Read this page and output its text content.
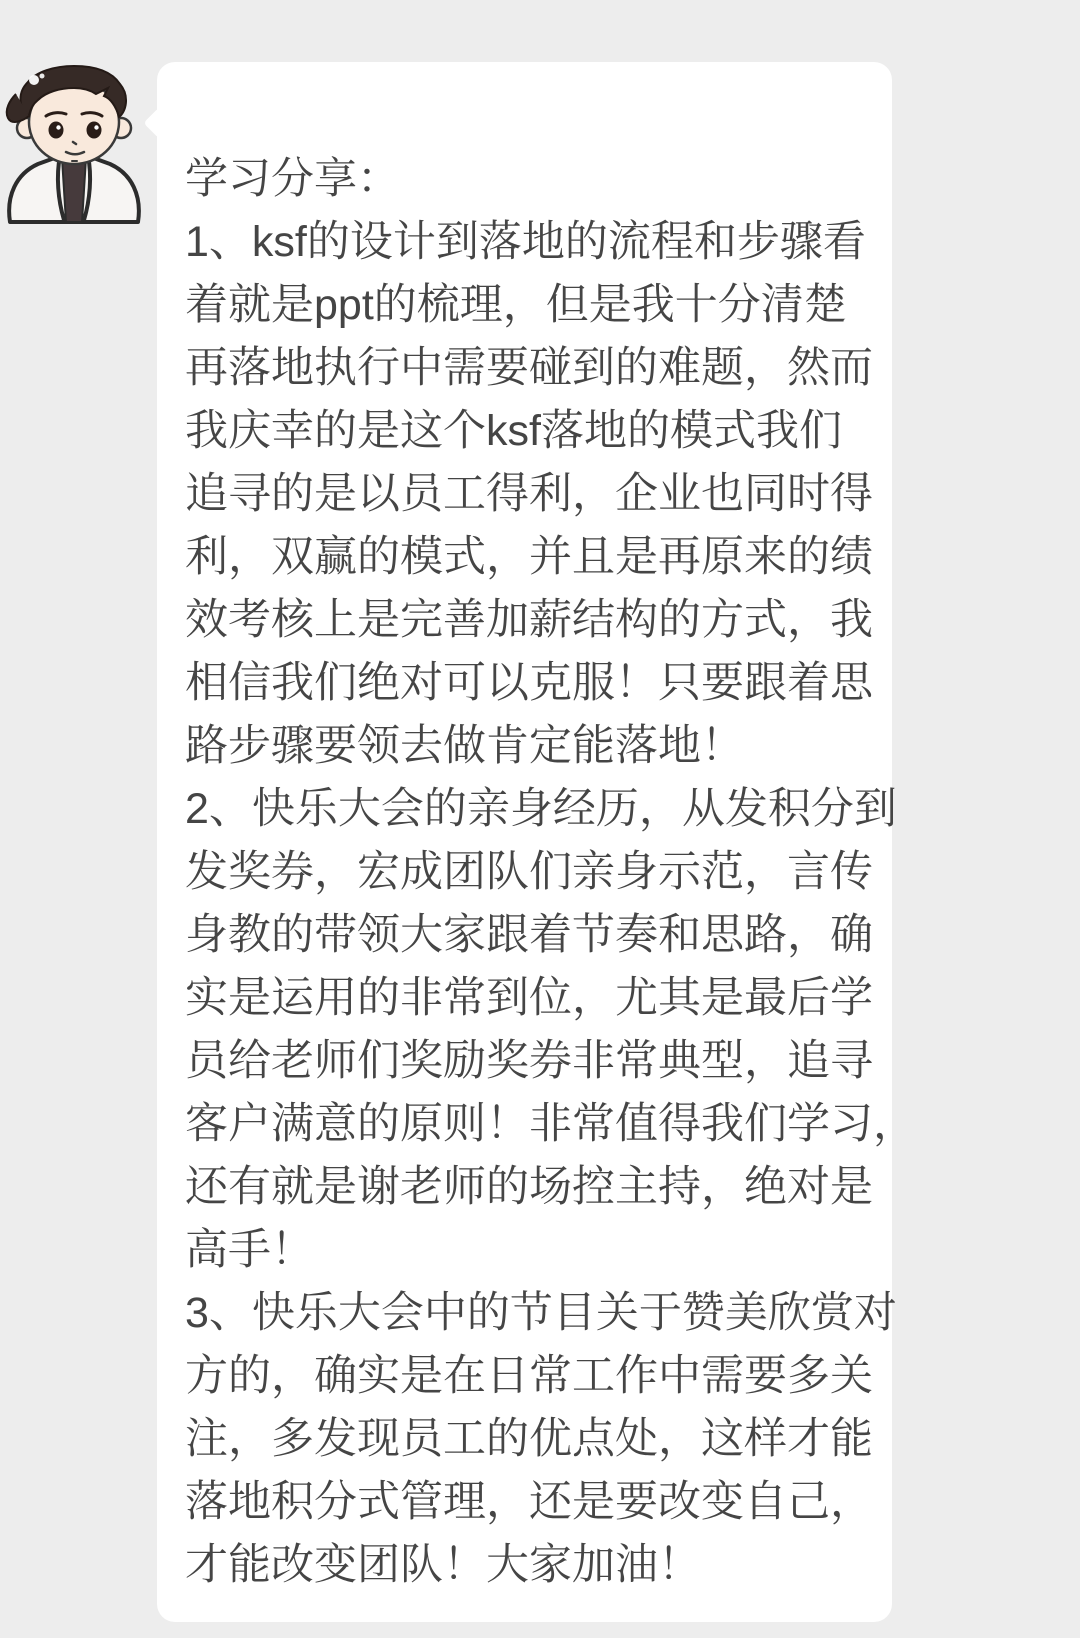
学习分享：
1、ksf的设计到落地的流程和步骤看
着就是ppt的梳理，但是我十分清楚
再落地执行中需要碰到的难题，然而
我庆幸的是这个ksf落地的模式我们
追寻的是以员工得利，企业也同时得
利，双赢的模式，并且是再原来的绩
效考核上是完善加薪结构的方式，我
相信我们绝对可以克服！只要跟着思
路步骤要领去做肯定能落地！
2、快乐大会的亲身经历，从发积分到
发奖券，宏成团队们亲身示范，言传
身教的带领大家跟着节奏和思路，确
实是运用的非常到位，尤其是最后学
员给老师们奖励奖券非常典型，追寻
客户满意的原则！非常值得我们学习，
还有就是谢老师的场控主持，绝对是
高手！
3、快乐大会中的节目关于赞美欣赏对
方的，确实是在日常工作中需要多关
注，多发现员工的优点处，这样才能
落地积分式管理，还是要改变自己，
才能改变团队！大家加油！
